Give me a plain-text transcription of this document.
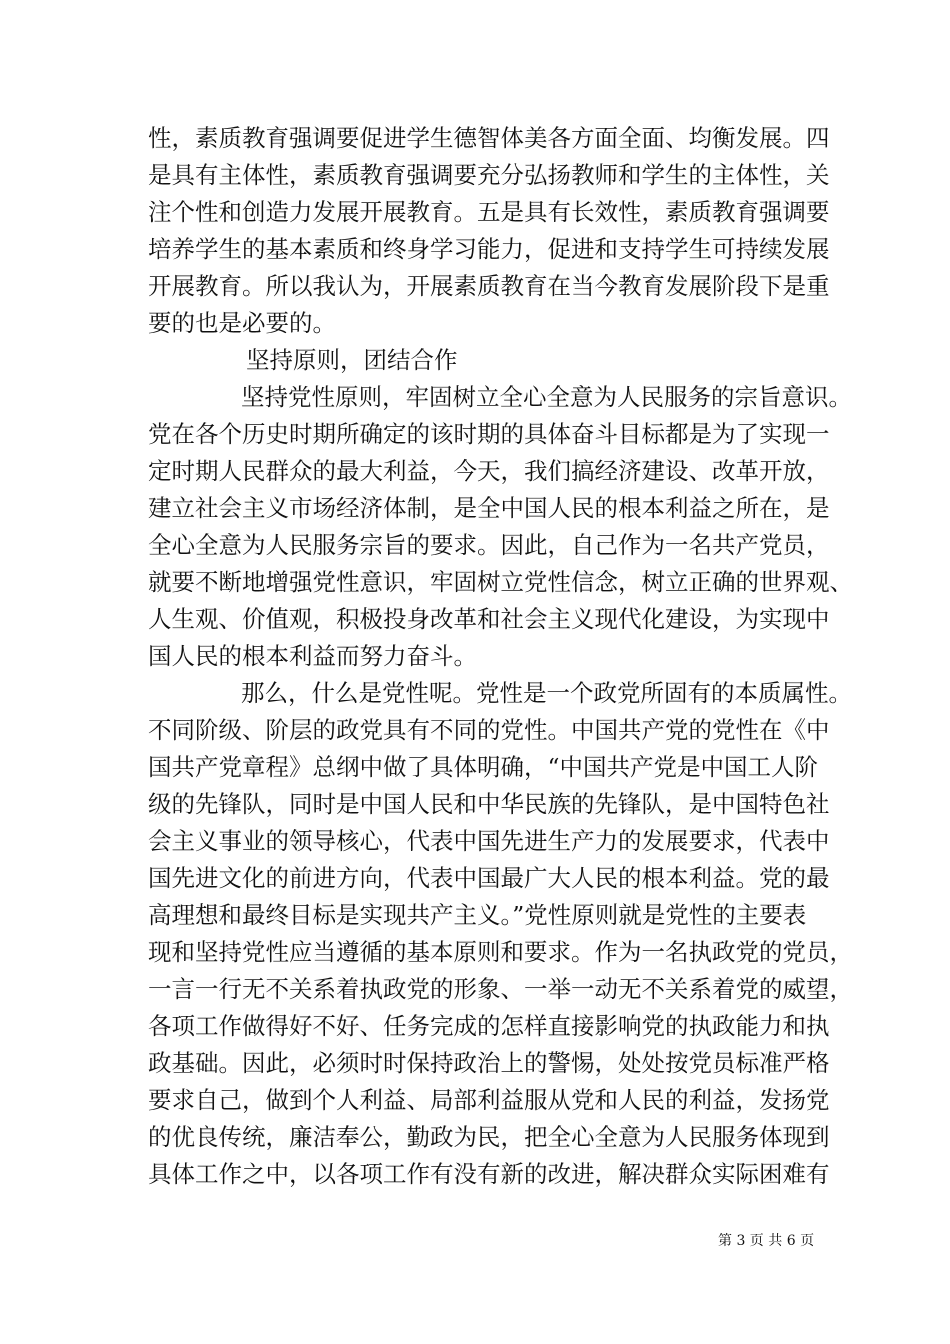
性，素质教育强调要促进学生德智体美各方面全面、均衡发展。四
是具有主体性，素质教育强调要充分弘扬教师和学生的主体性，关
注个性和创造力发展开展教育。五是具有长效性，素质教育强调要
培养学生的基本素质和终身学习能力，促进和支持学生可持续发展
开展教育。所以我认为，开展素质教育在当今教育发展阶段下是重
要的也是必要的。
坚持原则，团结合作
坚持党性原则，牢固树立全心全意为人民服务的宗旨意识。
党在各个历史时期所确定的该时期的具体奋斗目标都是为了实现一
定时期人民群众的最大利益，今天，我们搞经济建设、改革开放，
建立社会主义市场经济体制，是全中国人民的根本利益之所在，是
全心全意为人民服务宗旨的要求。因此，自己作为一名共产党员，
就要不断地增强党性意识，牢固树立党性信念，树立正确的世界观、
人生观、价值观，积极投身改革和社会主义现代化建设，为实现中
国人民的根本利益而努力奋斗。
那么，什么是党性呢。党性是一个政党所固有的本质属性。
不同阶级、阶层的政党具有不同的党性。中国共产党的党性在《中
国共产党章程》总纲中做了具体明确，“中国共产党是中国工人阶
级的先锋队，同时是中国人民和中华民族的先锋队，是中国特色社
会主义事业的领导核心，代表中国先进生产力的发展要求，代表中
国先进文化的前进方向，代表中国最广大人民的根本利益。党的最
高理想和最终目标是实现共产主义。”党性原则就是党性的主要表
现和坚持党性应当遵循的基本原则和要求。作为一名执政党的党员，
一言一行无不关系着执政党的形象、一举一动无不关系着党的威望，
各项工作做得好不好、任务完成的怎样直接影响党的执政能力和执
政基础。因此，必须时时保持政治上的警惕，处处按党员标准严格
要求自己，做到个人利益、局部利益服从党和人民的利益，发扬党
的优良传统，廉洁奉公，勤政为民，把全心全意为人民服务体现到
具体工作之中，以各项工作有没有新的改进，解决群众实际困难有
第 3 页 共 6 页
